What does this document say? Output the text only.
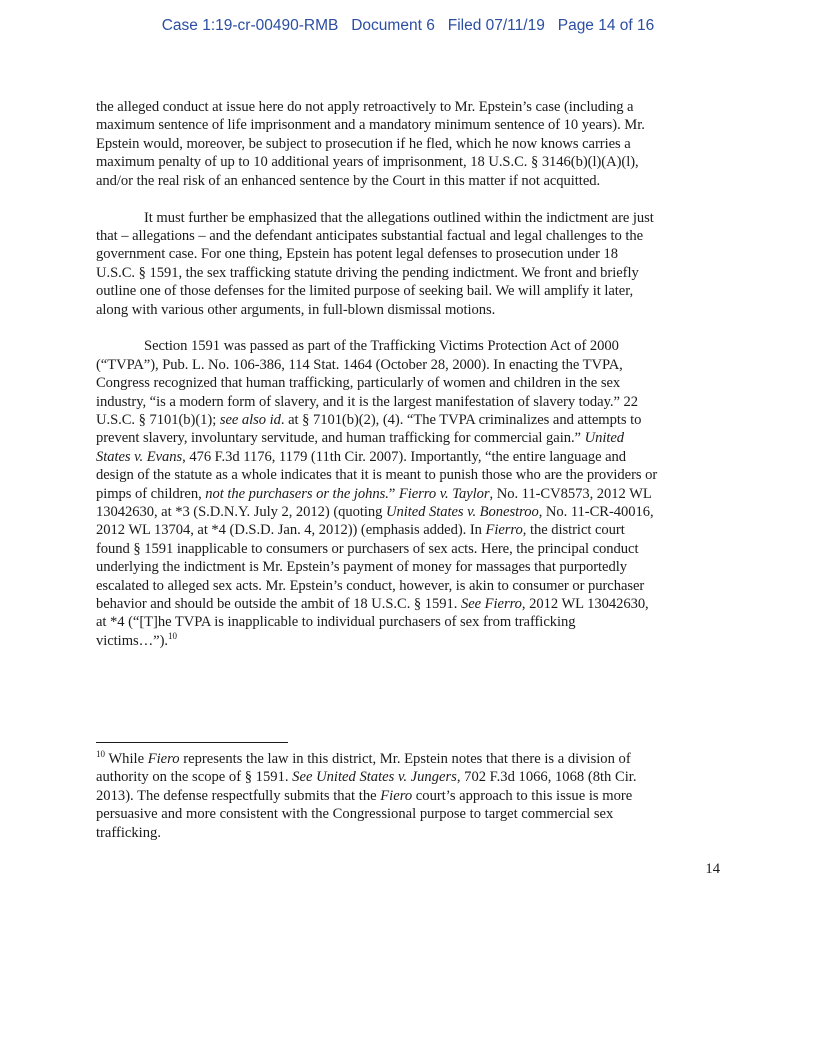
Case 1:19-cr-00490-RMB   Document 6   Filed 07/11/19   Page 14 of 16
the alleged conduct at issue here do not apply retroactively to Mr. Epstein’s case (including a
maximum sentence of life imprisonment and a mandatory minimum sentence of 10 years). Mr.
Epstein would, moreover, be subject to prosecution if he fled, which he now knows carries a
maximum penalty of up to 10 additional years of imprisonment, 18 U.S.C. § 3146(b)(l)(A)(l),
and/or the real risk of an enhanced sentence by the Court in this matter if not acquitted.
It must further be emphasized that the allegations outlined within the indictment are just
that – allegations – and the defendant anticipates substantial factual and legal challenges to the
government case. For one thing, Epstein has potent legal defenses to prosecution under 18
U.S.C. § 1591, the sex trafficking statute driving the pending indictment. We front and briefly
outline one of those defenses for the limited purpose of seeking bail. We will amplify it later,
along with various other arguments, in full-blown dismissal motions.
Section 1591 was passed as part of the Trafficking Victims Protection Act of 2000
(“TVPA”), Pub. L. No. 106-386, 114 Stat. 1464 (October 28, 2000). In enacting the TVPA,
Congress recognized that human trafficking, particularly of women and children in the sex
industry, “is a modern form of slavery, and it is the largest manifestation of slavery today.” 22
U.S.C. § 7101(b)(1); see also id. at § 7101(b)(2), (4). “The TVPA criminalizes and attempts to
prevent slavery, involuntary servitude, and human trafficking for commercial gain.” United
States v. Evans, 476 F.3d 1176, 1179 (11th Cir. 2007). Importantly, “the entire language and
design of the statute as a whole indicates that it is meant to punish those who are the providers or
pimps of children, not the purchasers or the johns.” Fierro v. Taylor, No. 11-CV8573, 2012 WL
13042630, at *3 (S.D.N.Y. July 2, 2012) (quoting United States v. Bonestroo, No. 11-CR-40016,
2012 WL 13704, at *4 (D.S.D. Jan. 4, 2012)) (emphasis added). In Fierro, the district court
found § 1591 inapplicable to consumers or purchasers of sex acts. Here, the principal conduct
underlying the indictment is Mr. Epstein’s payment of money for massages that purportedly
escalated to alleged sex acts. Mr. Epstein’s conduct, however, is akin to consumer or purchaser
behavior and should be outside the ambit of 18 U.S.C. § 1591. See Fierro, 2012 WL 13042630,
at *4 (“[T]he TVPA is inapplicable to individual purchasers of sex from trafficking
victims…”).$^{10}$
$^{10}$ While Fiero represents the law in this district, Mr. Epstein notes that there is a division of
authority on the scope of § 1591. See United States v. Jungers, 702 F.3d 1066, 1068 (8th Cir.
2013). The defense respectfully submits that the Fiero court’s approach to this issue is more
persuasive and more consistent with the Congressional purpose to target commercial sex
trafficking.
14
